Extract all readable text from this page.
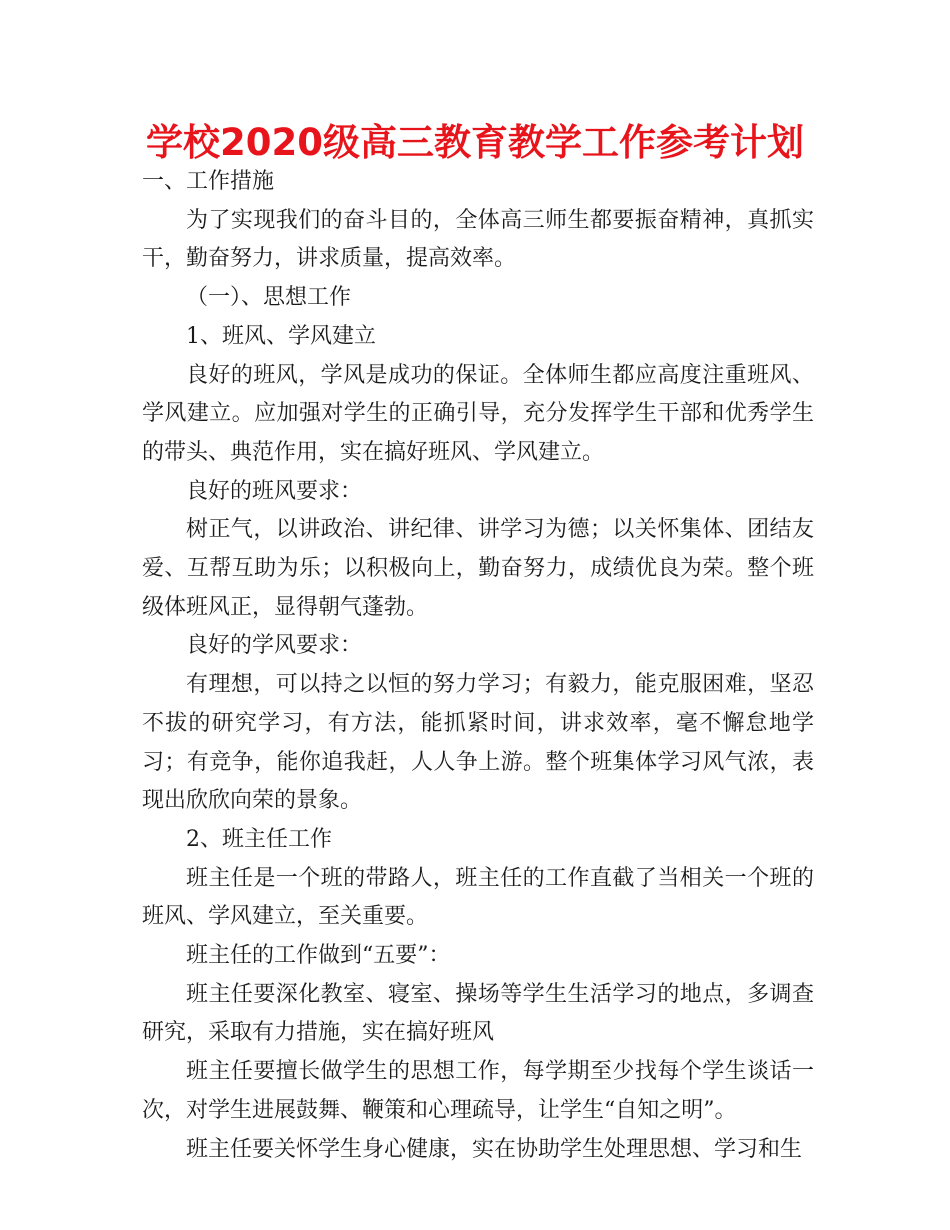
学校2020级高三教育教学工作参考计划

一、工作措施

为了实现我们的奋斗目的，全体高三师生都要振奋精神，真抓实干，勤奋努力，讲求质量，提高效率。

（一）、思想工作

1、班风、学风建立

良好的班风，学风是成功的保证。全体师生都应高度注重班风、学风建立。应加强对学生的正确引导，充分发挥学生干部和优秀学生的带头、典范作用，实在搞好班风、学风建立。

良好的班风要求：

树正气，以讲政治、讲纪律、讲学习为德；以关怀集体、团结友爱、互帮互助为乐；以积极向上，勤奋努力，成绩优良为荣。整个班级体班风正，显得朝气蓬勃。

良好的学风要求：

有理想，可以持之以恒的努力学习；有毅力，能克服困难，坚忍不拔的研究学习，有方法，能抓紧时间，讲求效率，毫不懈怠地学习；有竞争，能你追我赶，人人争上游。整个班集体学习风气浓，表现出欣欣向荣的景象。

2、班主任工作

班主任是一个班的带路人，班主任的工作直截了当相关一个班的班风、学风建立，至关重要。

班主任的工作做到“五要”：

班主任要深化教室、寝室、操场等学生生活学习的地点，多调查研究，采取有力措施，实在搞好班风

班主任要擅长做学生的思想工作，每学期至少找每个学生谈话一次，对学生进展鼓舞、鞭策和心理疏导，让学生“自知之明”。

班主任要关怀学生身心健康，实在协助学生处理思想、学习和生
